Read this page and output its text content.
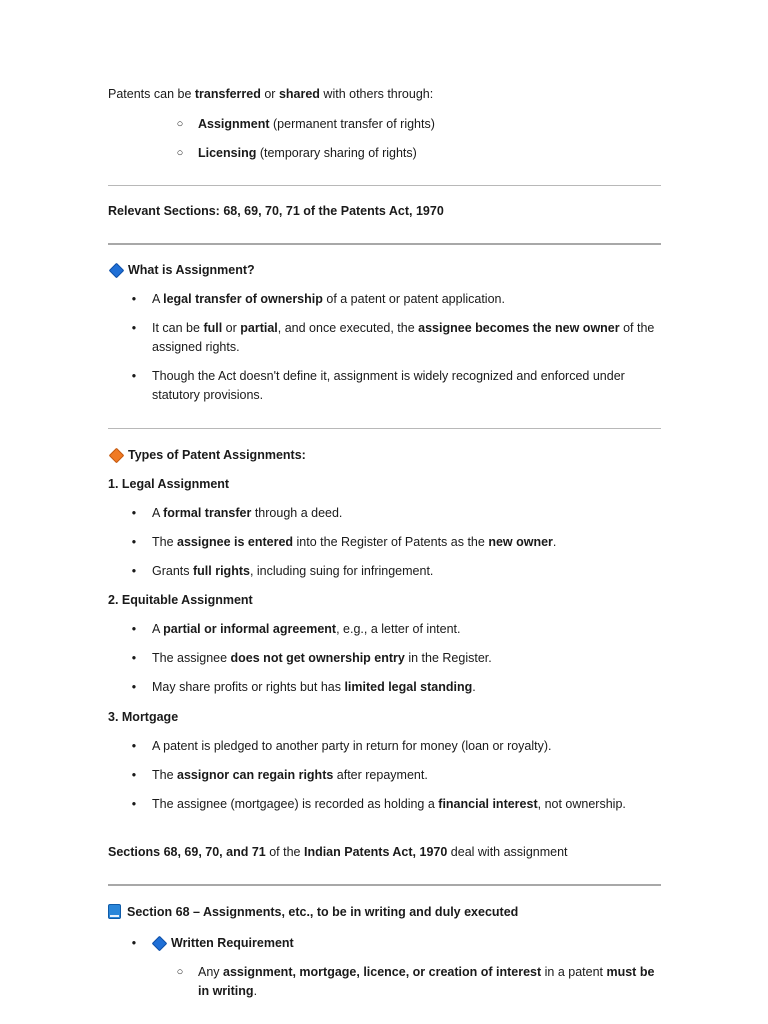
Patents can be transferred or shared with others through:
○ Assignment (permanent transfer of rights)
○ Licensing (temporary sharing of rights)
Relevant Sections: 68, 69, 70, 71 of the Patents Act, 1970
What is Assignment?
•	A legal transfer of ownership of a patent or patent application.
•	It can be full or partial, and once executed, the assignee becomes the new owner of the assigned rights.
•	Though the Act doesn't define it, assignment is widely recognized and enforced under statutory provisions.
Types of Patent Assignments:
1. Legal Assignment
•	A formal transfer through a deed.
•	The assignee is entered into the Register of Patents as the new owner.
•	Grants full rights, including suing for infringement.
2. Equitable Assignment
•	A partial or informal agreement, e.g., a letter of intent.
•	The assignee does not get ownership entry in the Register.
•	May share profits or rights but has limited legal standing.
3. Mortgage
•	A patent is pledged to another party in return for money (loan or royalty).
•	The assignor can regain rights after repayment.
•	The assignee (mortgagee) is recorded as holding a financial interest, not ownership.
Sections 68, 69, 70, and 71 of the Indian Patents Act, 1970 deal with assignment
Section 68 – Assignments, etc., to be in writing and duly executed
•	Written Requirement
○ Any assignment, mortgage, licence, or creation of interest in a patent must be in writing.
